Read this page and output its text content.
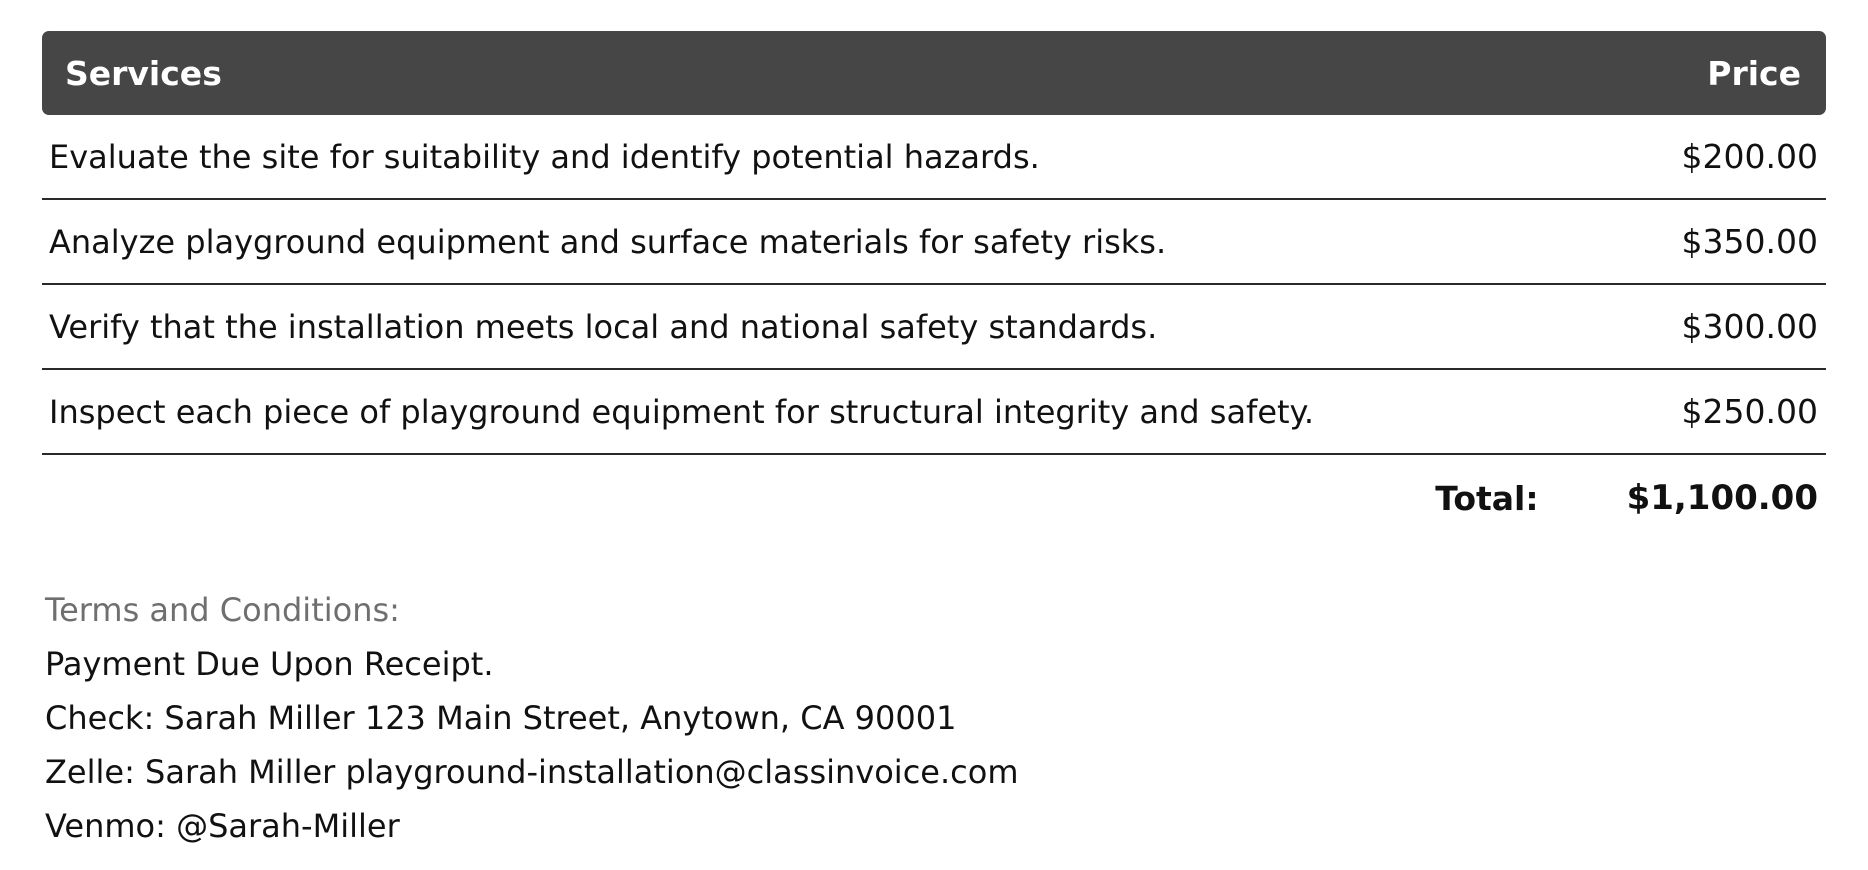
Services	Price
Evaluate the site for suitability and identify potential hazards.	$200.00
Analyze playground equipment and surface materials for safety risks.	$350.00
Verify that the installation meets local and national safety standards.	$300.00
Inspect each piece of playground equipment for structural integrity and safety.	$250.00
Total:	$1,100.00
Terms and Conditions:
Payment Due Upon Receipt.
Check: Sarah Miller 123 Main Street, Anytown, CA 90001
Zelle: Sarah Miller playground-installation@classinvoice.com
Venmo: @Sarah-Miller
